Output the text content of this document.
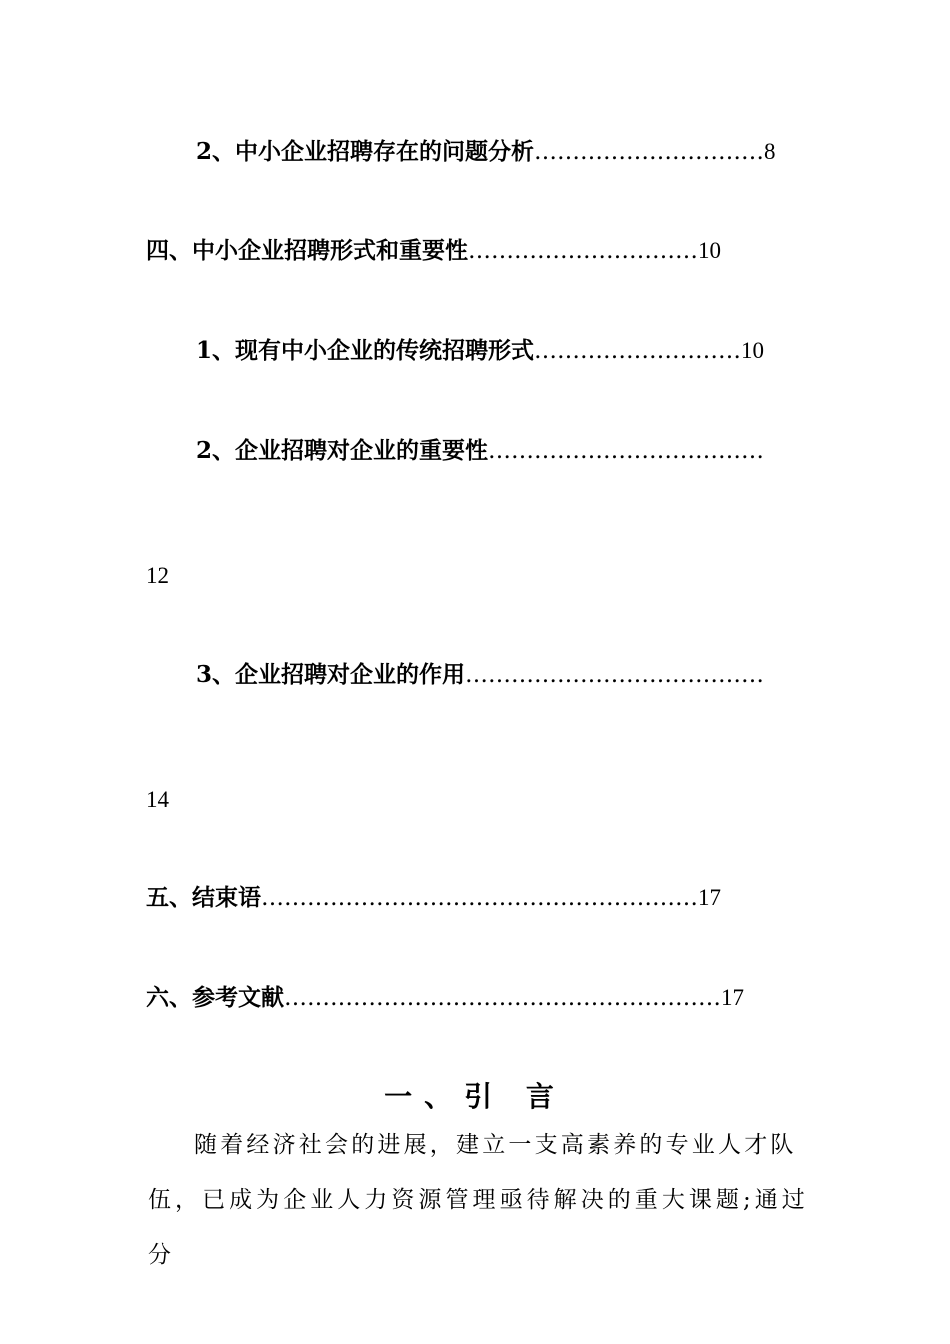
2、中小企业招聘存在的问题分析…………………………8
四、中小企业招聘形式和重要性…………………………10
1、现有中小企业的传统招聘形式………………………10
2、企业招聘对企业的重要性………………………………
12
3、企业招聘对企业的作用…………………………………
14
五、结束语…………………………………………………17
六、参考文献…………………………………………………17
一、引 言
随着经济社会的进展，建立一支高素养的专业人才队
伍，已成为企业人力资源管理亟待解决的重大课题;通过分
